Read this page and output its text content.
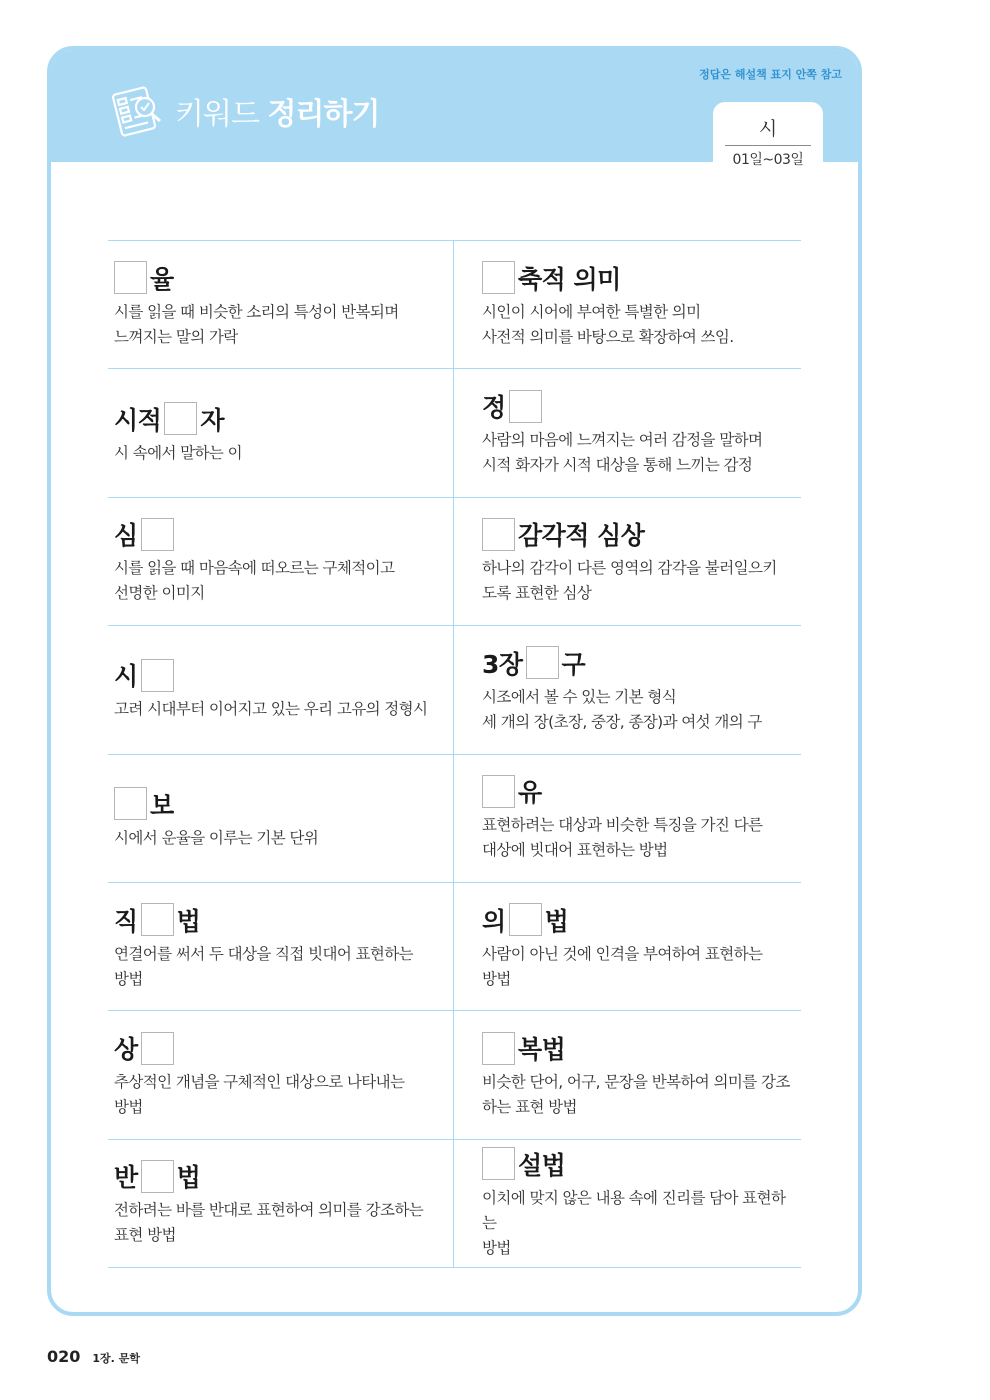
정답은 해설책 표지 안쪽 참고
키워드 정리하기	시
01일~03일
율
시를 읽을 때 비슷한 소리의 특성이 반복되며
느껴지는 말의 가락
축적 의미
시인이 시어에 부여한 특별한 의미
사전적 의미를 바탕으로 확장하여 쓰임.
시적 자
시 속에서 말하는 이
정
사람의 마음에 느껴지는 여러 감정을 말하며
시적 화자가 시적 대상을 통해 느끼는 감정
심
시를 읽을 때 마음속에 떠오르는 구체적이고
선명한 이미지
감각적 심상
하나의 감각이 다른 영역의 감각을 불러일으키
도록 표현한 심상
시
고려 시대부터 이어지고 있는 우리 고유의 정형시
3장 구
시조에서 볼 수 있는 기본 형식
세 개의 장(초장, 중장, 종장)과 여섯 개의 구
보
시에서 운율을 이루는 기본 단위
유
표현하려는 대상과 비슷한 특징을 가진 다른
대상에 빗대어 표현하는 방법
직 법
연결어를 써서 두 대상을 직접 빗대어 표현하는
방법
의 법
사람이 아닌 것에 인격을 부여하여 표현하는
방법
상
추상적인 개념을 구체적인 대상으로 나타내는
방법
복법
비슷한 단어, 어구, 문장을 반복하여 의미를 강조
하는 표현 방법
반 법
전하려는 바를 반대로 표현하여 의미를 강조하는
표현 방법
설법
이치에 맞지 않은 내용 속에 진리를 담아 표현하는
방법
020 1장. 문학
